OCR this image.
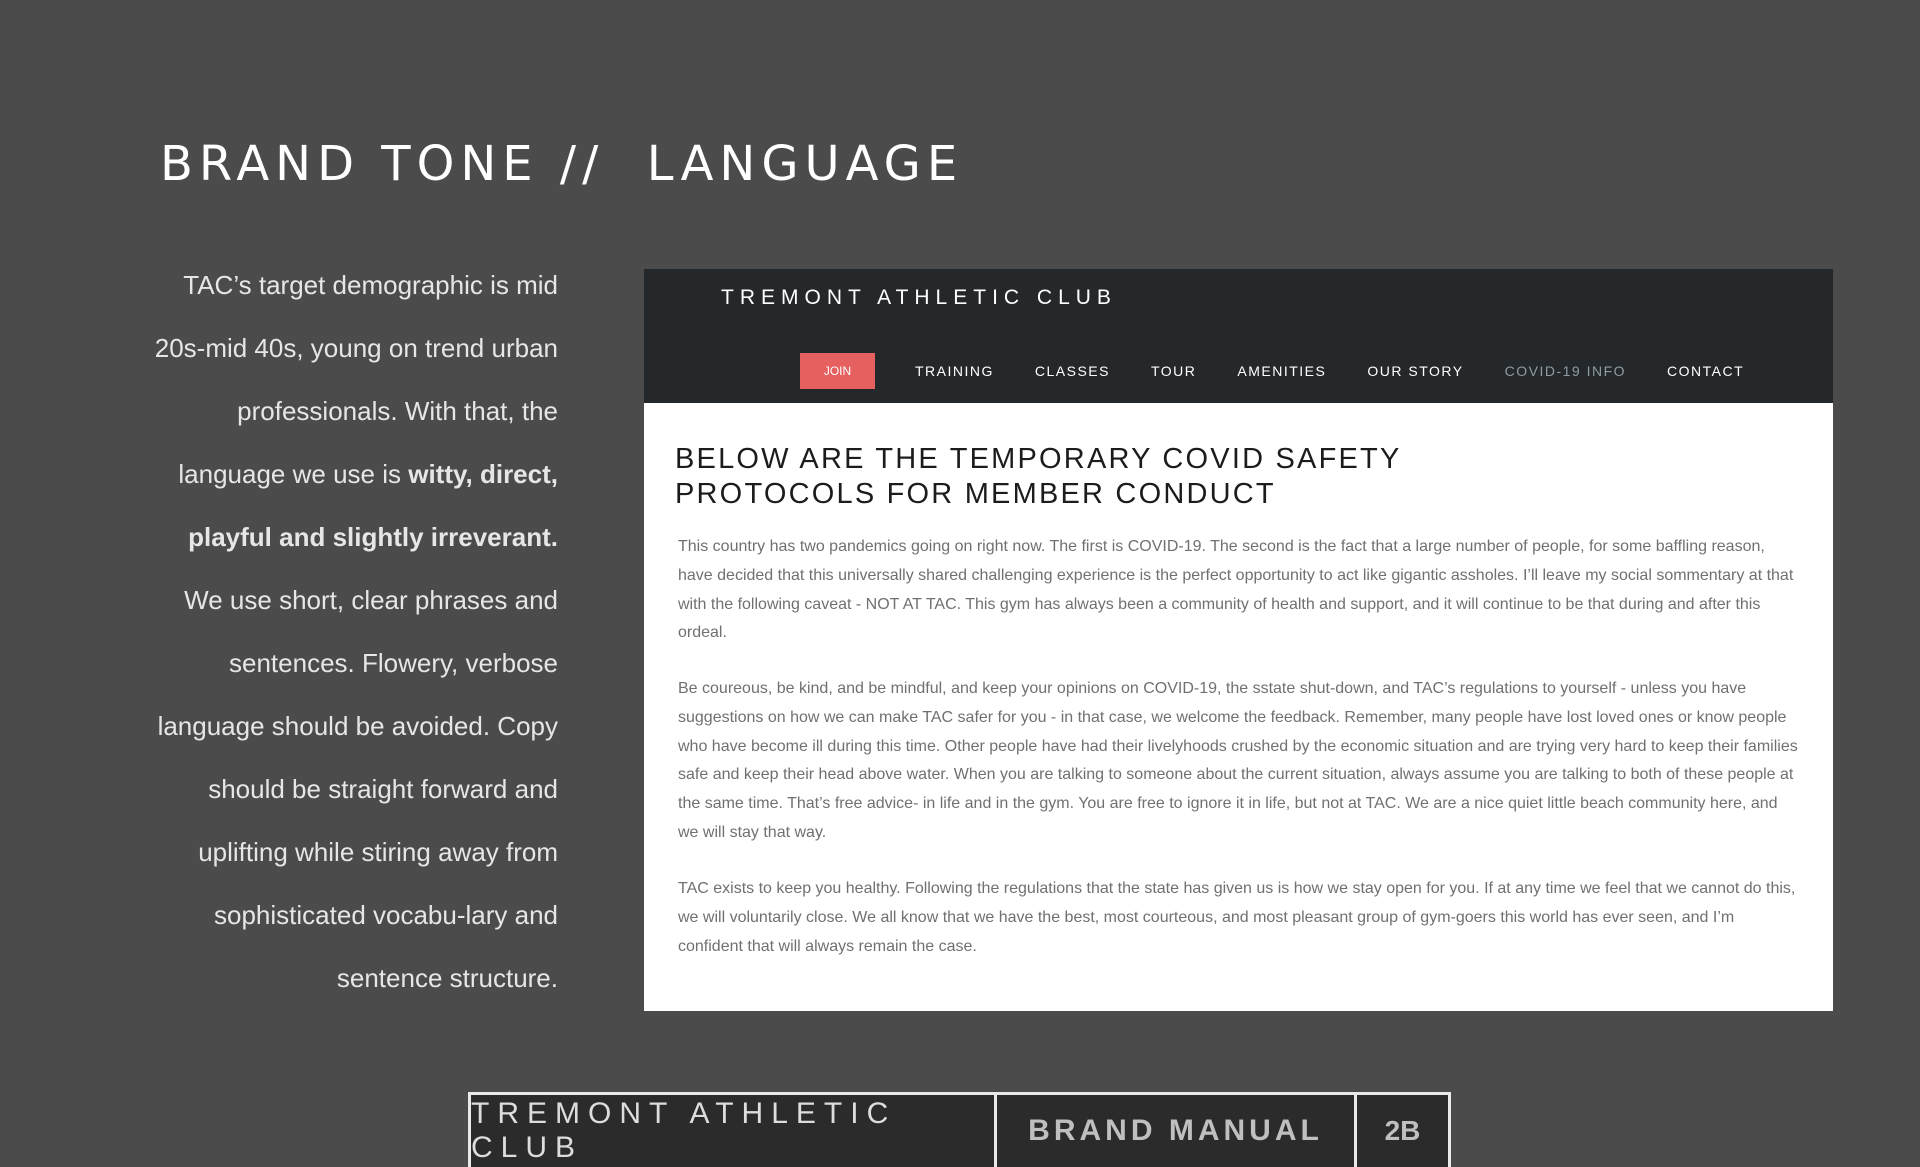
BRAND TONE //  LANGUAGE

TAC’s target demographic is mid 20s-mid 40s, young on trend urban professionals. With that, the language we use is witty, direct, playful and slightly irreverant. We use short, clear phrases and sentences. Flowery, verbose language should be avoided. Copy should be straight forward and uplifting while stiring away from sophisticated vocabu-lary and sentence structure.

TREMONT ATHLETIC CLUB

JOIN	TRAINING	CLASSES	TOUR	AMENITIES	OUR STORY	COVID-19 INFO	CONTACT
BELOW ARE THE TEMPORARY COVID SAFETY
PROTOCOLS FOR MEMBER CONDUCT

This country has two pandemics going on right now. The first is COVID-19. The second is the fact that a large number of people, for some baffling reason, have decided that this universally shared challenging experience is the perfect opportunity to act like gigantic assholes. I’ll leave my social sommentary at that with the following caveat - NOT AT TAC. This gym has always been a community of health and support, and it will continue to be that during and after this ordeal.

Be coureous, be kind, and be mindful, and keep your opinions on COVID-19, the sstate shut-down, and TAC’s regulations to yourself - unless you have suggestions on how we can make TAC safer for you - in that case, we welcome the feedback. Remember, many people have lost loved ones or know people who have become ill during this time. Other people have had their livelyhoods crushed by the economic situation and are trying very hard to keep their families safe and keep their head above water. When you are talking to someone about the current situation, always assume you are talking to both of these people at the same time. That’s free advice- in life and in the gym. You are free to ignore it in life, but not at TAC. We are a nice quiet little beach community here, and we will stay that way.

TAC exists to keep you healthy. Following the regulations that the state has given us is how we stay open for you. If at any time we feel that we cannot do this, we will voluntarily close. We all know that we have the best, most courteous, and most pleasant group of gym-goers this world has ever seen, and I’m confident that will always remain the case.

TREMONT ATHLETIC CLUB
BRAND MANUAL	2B
